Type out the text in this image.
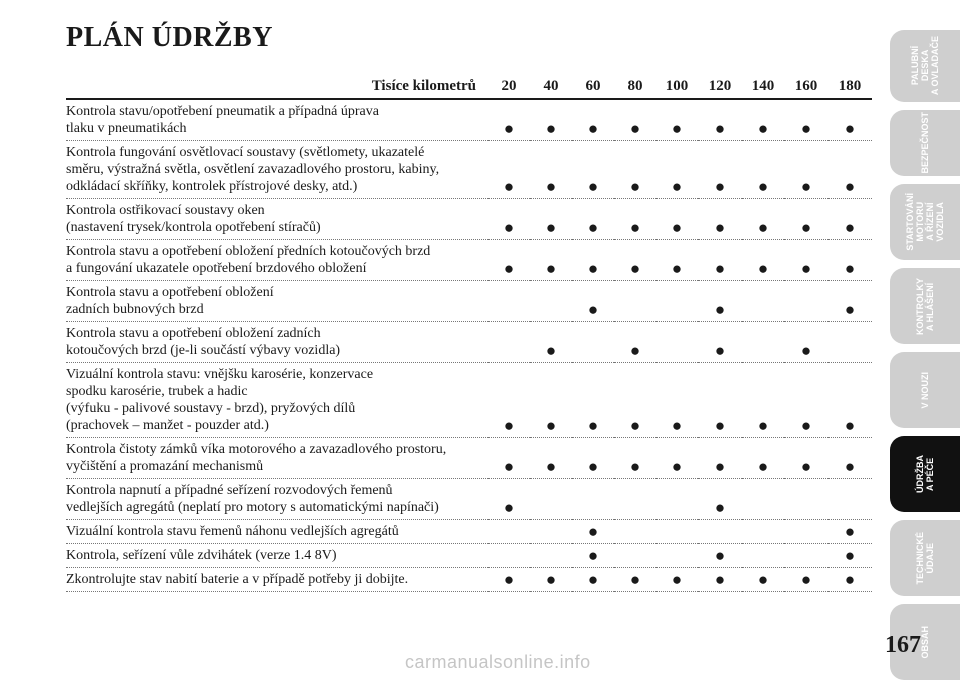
PLÁN ÚDRŽBY
Tisíce kilometrů	20	40	60	80	100	120	140	160	180
Kontrola stavu/opotřebení pneumatik a případná úprava
tlaku v pneumatikách	●	●	●	●	●	●	●	●	●
Kontrola fungování osvětlovací soustavy (světlomety, ukazatelé
směru, výstražná světla, osvětlení zavazadlového prostoru, kabiny,
odkládací skříňky, kontrolek přístrojové desky, atd.)	●	●	●	●	●	●	●	●	●
Kontrola ostřikovací soustavy oken
(nastavení trysek/kontrola opotřebení stíračů)	●	●	●	●	●	●	●	●	●
Kontrola stavu a opotřebení obložení předních kotoučových brzd
a fungování ukazatele opotřebení brzdového obložení	●	●	●	●	●	●	●	●	●
Kontrola stavu a opotřebení obložení
zadních bubnových brzd			●			●			●
Kontrola stavu a opotřebení obložení zadních
kotoučových brzd (je-li součástí výbavy vozidla)		●		●		●		●	
Vizuální kontrola stavu: vnějšku karosérie, konzervace
spodku karosérie, trubek a hadic
(výfuku - palivové soustavy - brzd), pryžových dílů
(prachovek – manžet - pouzder atd.)	●	●	●	●	●	●	●	●	●
Kontrola čistoty zámků víka motorového a zavazadlového prostoru,
vyčištění a promazání mechanismů	●	●	●	●	●	●	●	●	●
Kontrola napnutí a případné seřízení rozvodových řemenů
vedlejších agregátů (neplatí pro motory s automatickými napínači)	●					●			
Vizuální kontrola stavu řemenů náhonu vedlejších agregátů			●						●
Kontrola, seřízení vůle zdvihátek (verze 1.4 8V)			●			●			●
Zkontrolujte stav nabití baterie a v případě potřeby ji dobijte.	●	●	●	●	●	●	●	●	●
PALUBNÍ
DESKA
A OVLADAČE
BEZPEČNOST
STARTOVÁNÍ
MOTORU
A ŘÍZENÍ
VOZIDLA
KONTROLKY
A HLÁŠENÍ
V NOUZI
ÚDRŽBA
A PÉČE
TECHNICKÉ
ÚDAJE
OBSAH
167
carmanualsonline.info
